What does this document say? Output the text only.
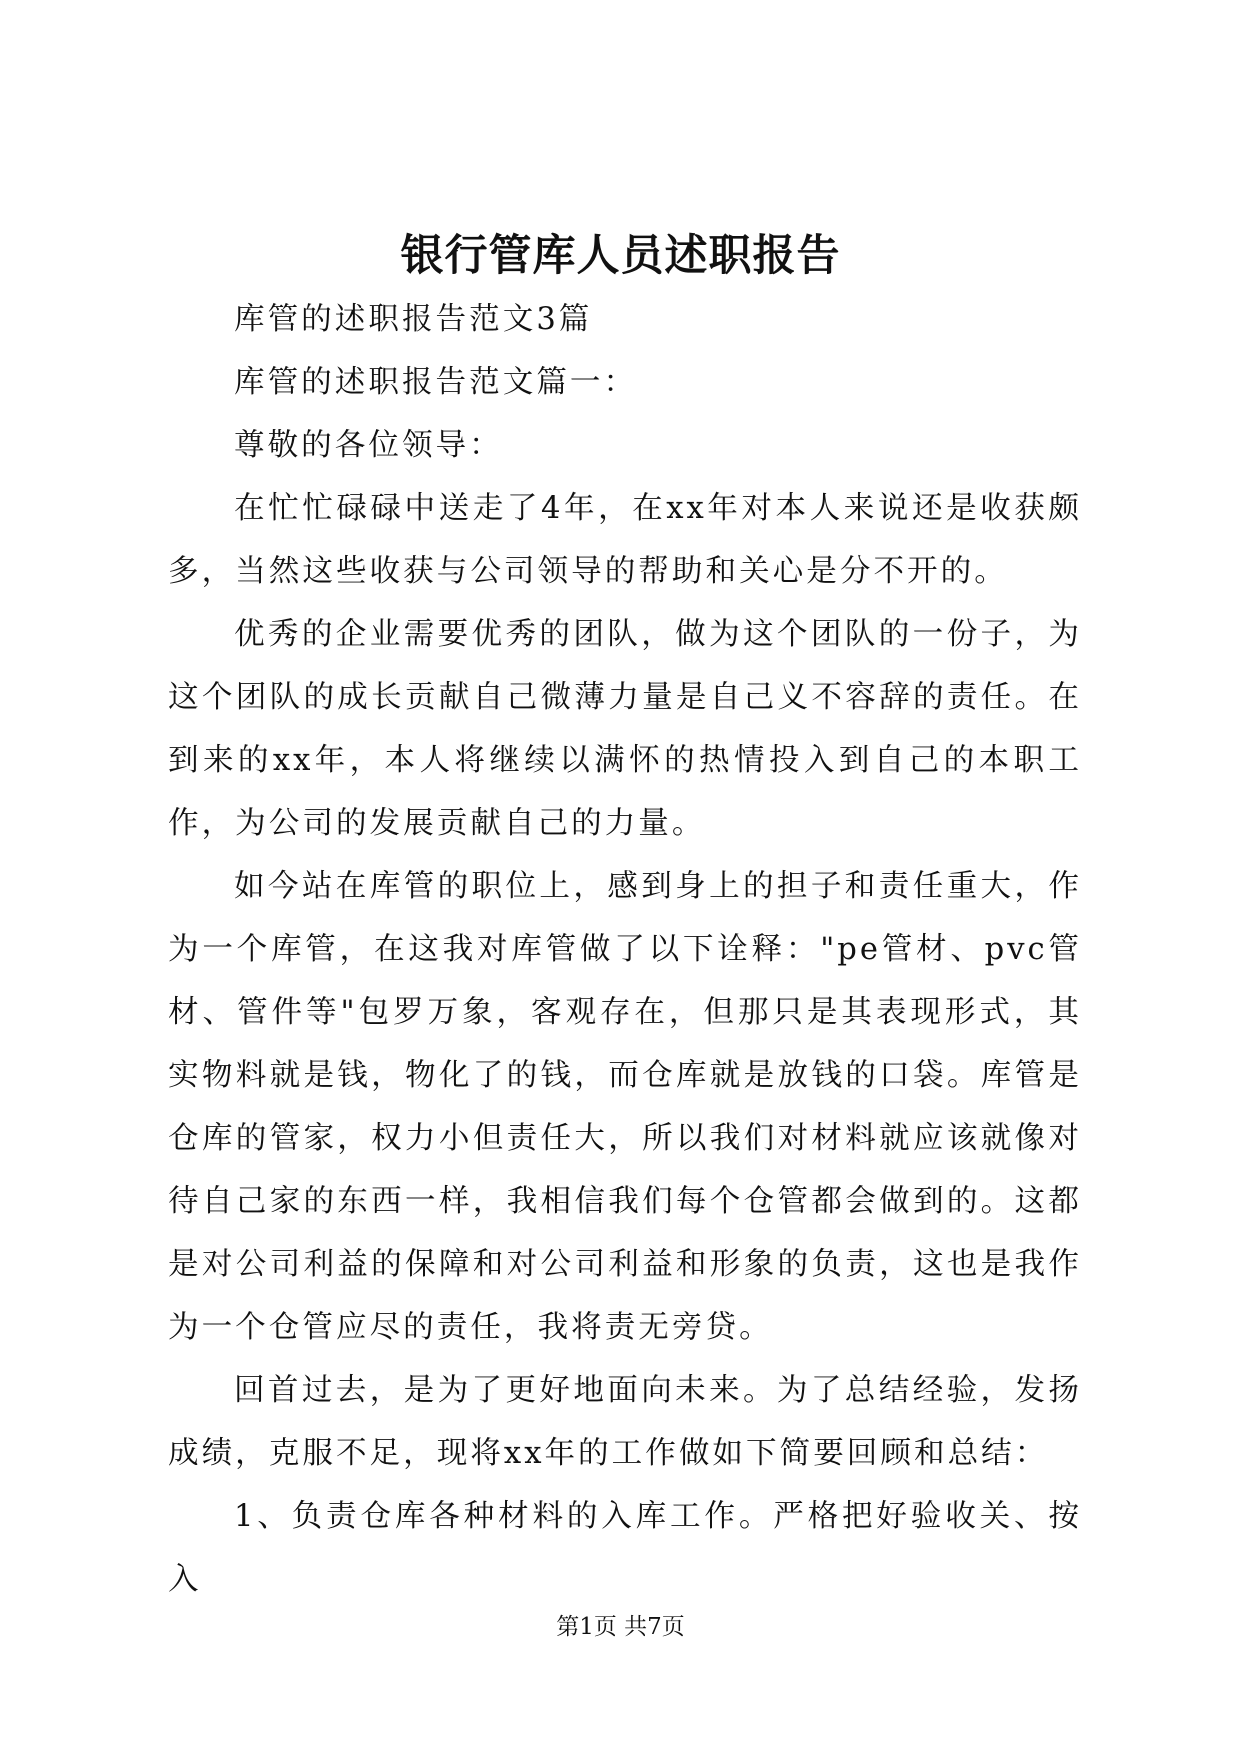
银行管库人员述职报告

库管的述职报告范文3篇

库管的述职报告范文篇一：

尊敬的各位领导：

在忙忙碌碌中送走了4年，在xx年对本人来说还是收获颇多，当然这些收获与公司领导的帮助和关心是分不开的。

优秀的企业需要优秀的团队，做为这个团队的一份子，为这个团队的成长贡献自己微薄力量是自己义不容辞的责任。在到来的xx年，本人将继续以满怀的热情投入到自己的本职工作，为公司的发展贡献自己的力量。

如今站在库管的职位上，感到身上的担子和责任重大，作为一个库管，在这我对库管做了以下诠释："pe管材、pvc管材、管件等"包罗万象，客观存在，但那只是其表现形式，其实物料就是钱，物化了的钱，而仓库就是放钱的口袋。库管是仓库的管家，权力小但责任大，所以我们对材料就应该就像对待自己家的东西一样，我相信我们每个仓管都会做到的。这都是对公司利益的保障和对公司利益和形象的负责，这也是我作为一个仓管应尽的责任，我将责无旁贷。

回首过去，是为了更好地面向未来。为了总结经验，发扬成绩，克服不足，现将xx年的工作做如下简要回顾和总结：

1、负责仓库各种材料的入库工作。严格把好验收关、按入

第1页 共7页
